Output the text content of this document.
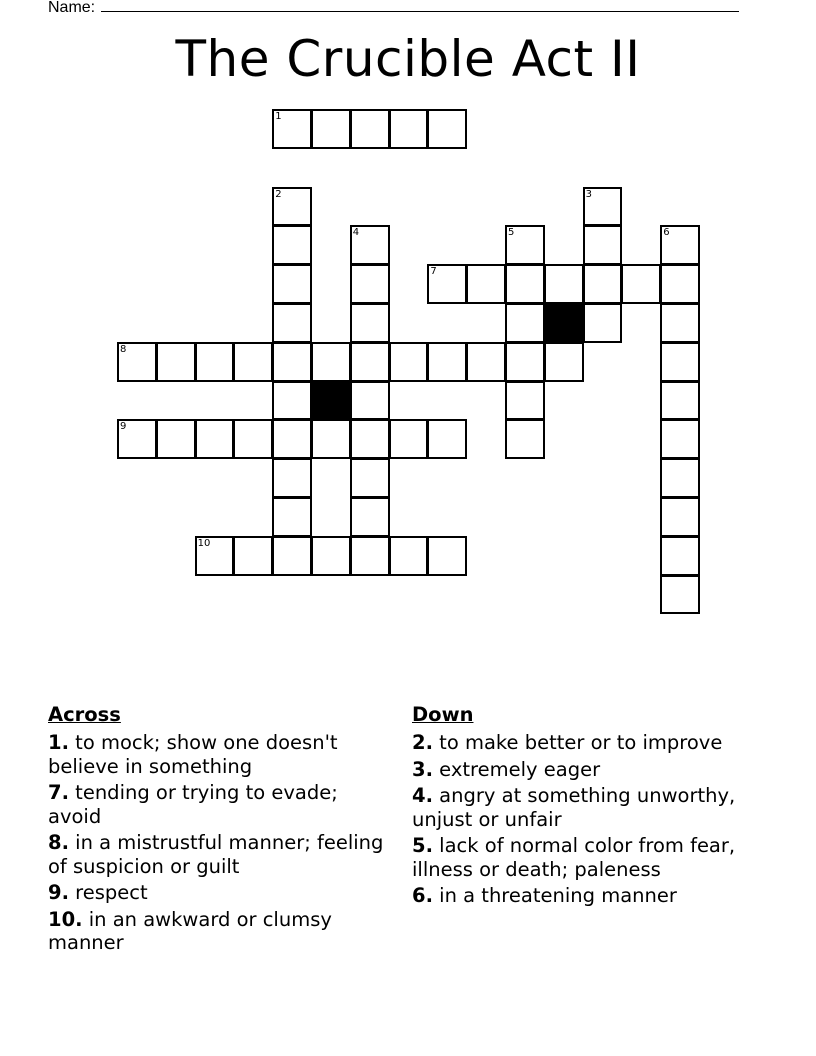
Name:
The Crucible Act II
1
2	3
4	5	6
7
8
9
10
Across
1. to mock; show one doesn't believe in something
7. tending or trying to evade; avoid
8. in a mistrustful manner; feeling of suspicion or guilt
9. respect
10. in an awkward or clumsy manner
Down
2. to make better or to improve
3. extremely eager
4. angry at something unworthy, unjust or unfair
5. lack of normal color from fear, illness or death; paleness
6. in a threatening manner
